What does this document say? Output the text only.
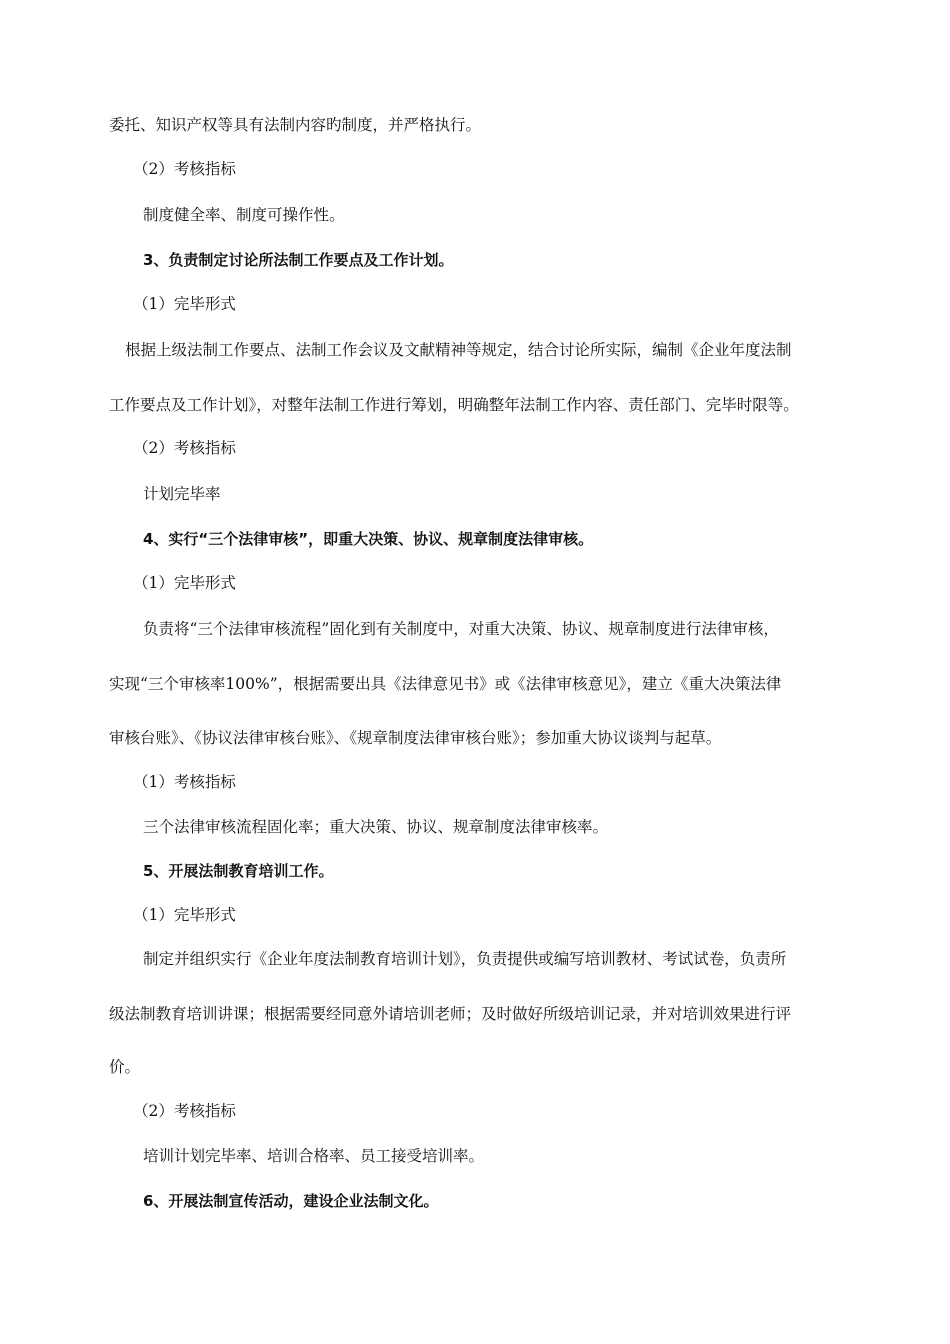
委托、知识产权等具有法制内容旳制度，并严格执行。
（2）考核指标
制度健全率、制度可操作性。
3、负责制定讨论所法制工作要点及工作计划。
（1）完毕形式
根据上级法制工作要点、法制工作会议及文献精神等规定，结合讨论所实际，编制《企业年度法制
工作要点及工作计划》，对整年法制工作进行筹划，明确整年法制工作内容、责任部门、完毕时限等。
（2）考核指标
计划完毕率
4、实行“三个法律审核”，即重大决策、协议、规章制度法律审核。
（1）完毕形式
负责将“三个法律审核流程”固化到有关制度中，对重大决策、协议、规章制度进行法律审核，
实现“三个审核率100%”，根据需要出具《法律意见书》或《法律审核意见》，建立《重大决策法律
审核台账》、《协议法律审核台账》、《规章制度法律审核台账》；参加重大协议谈判与起草。
（1）考核指标
三个法律审核流程固化率；重大决策、协议、规章制度法律审核率。
5、开展法制教育培训工作。
（1）完毕形式
制定并组织实行《企业年度法制教育培训计划》，负责提供或编写培训教材、考试试卷，负责所
级法制教育培训讲课；根据需要经同意外请培训老师；及时做好所级培训记录，并对培训效果进行评
价。
（2）考核指标
培训计划完毕率、培训合格率、员工接受培训率。
6、开展法制宣传活动，建设企业法制文化。
